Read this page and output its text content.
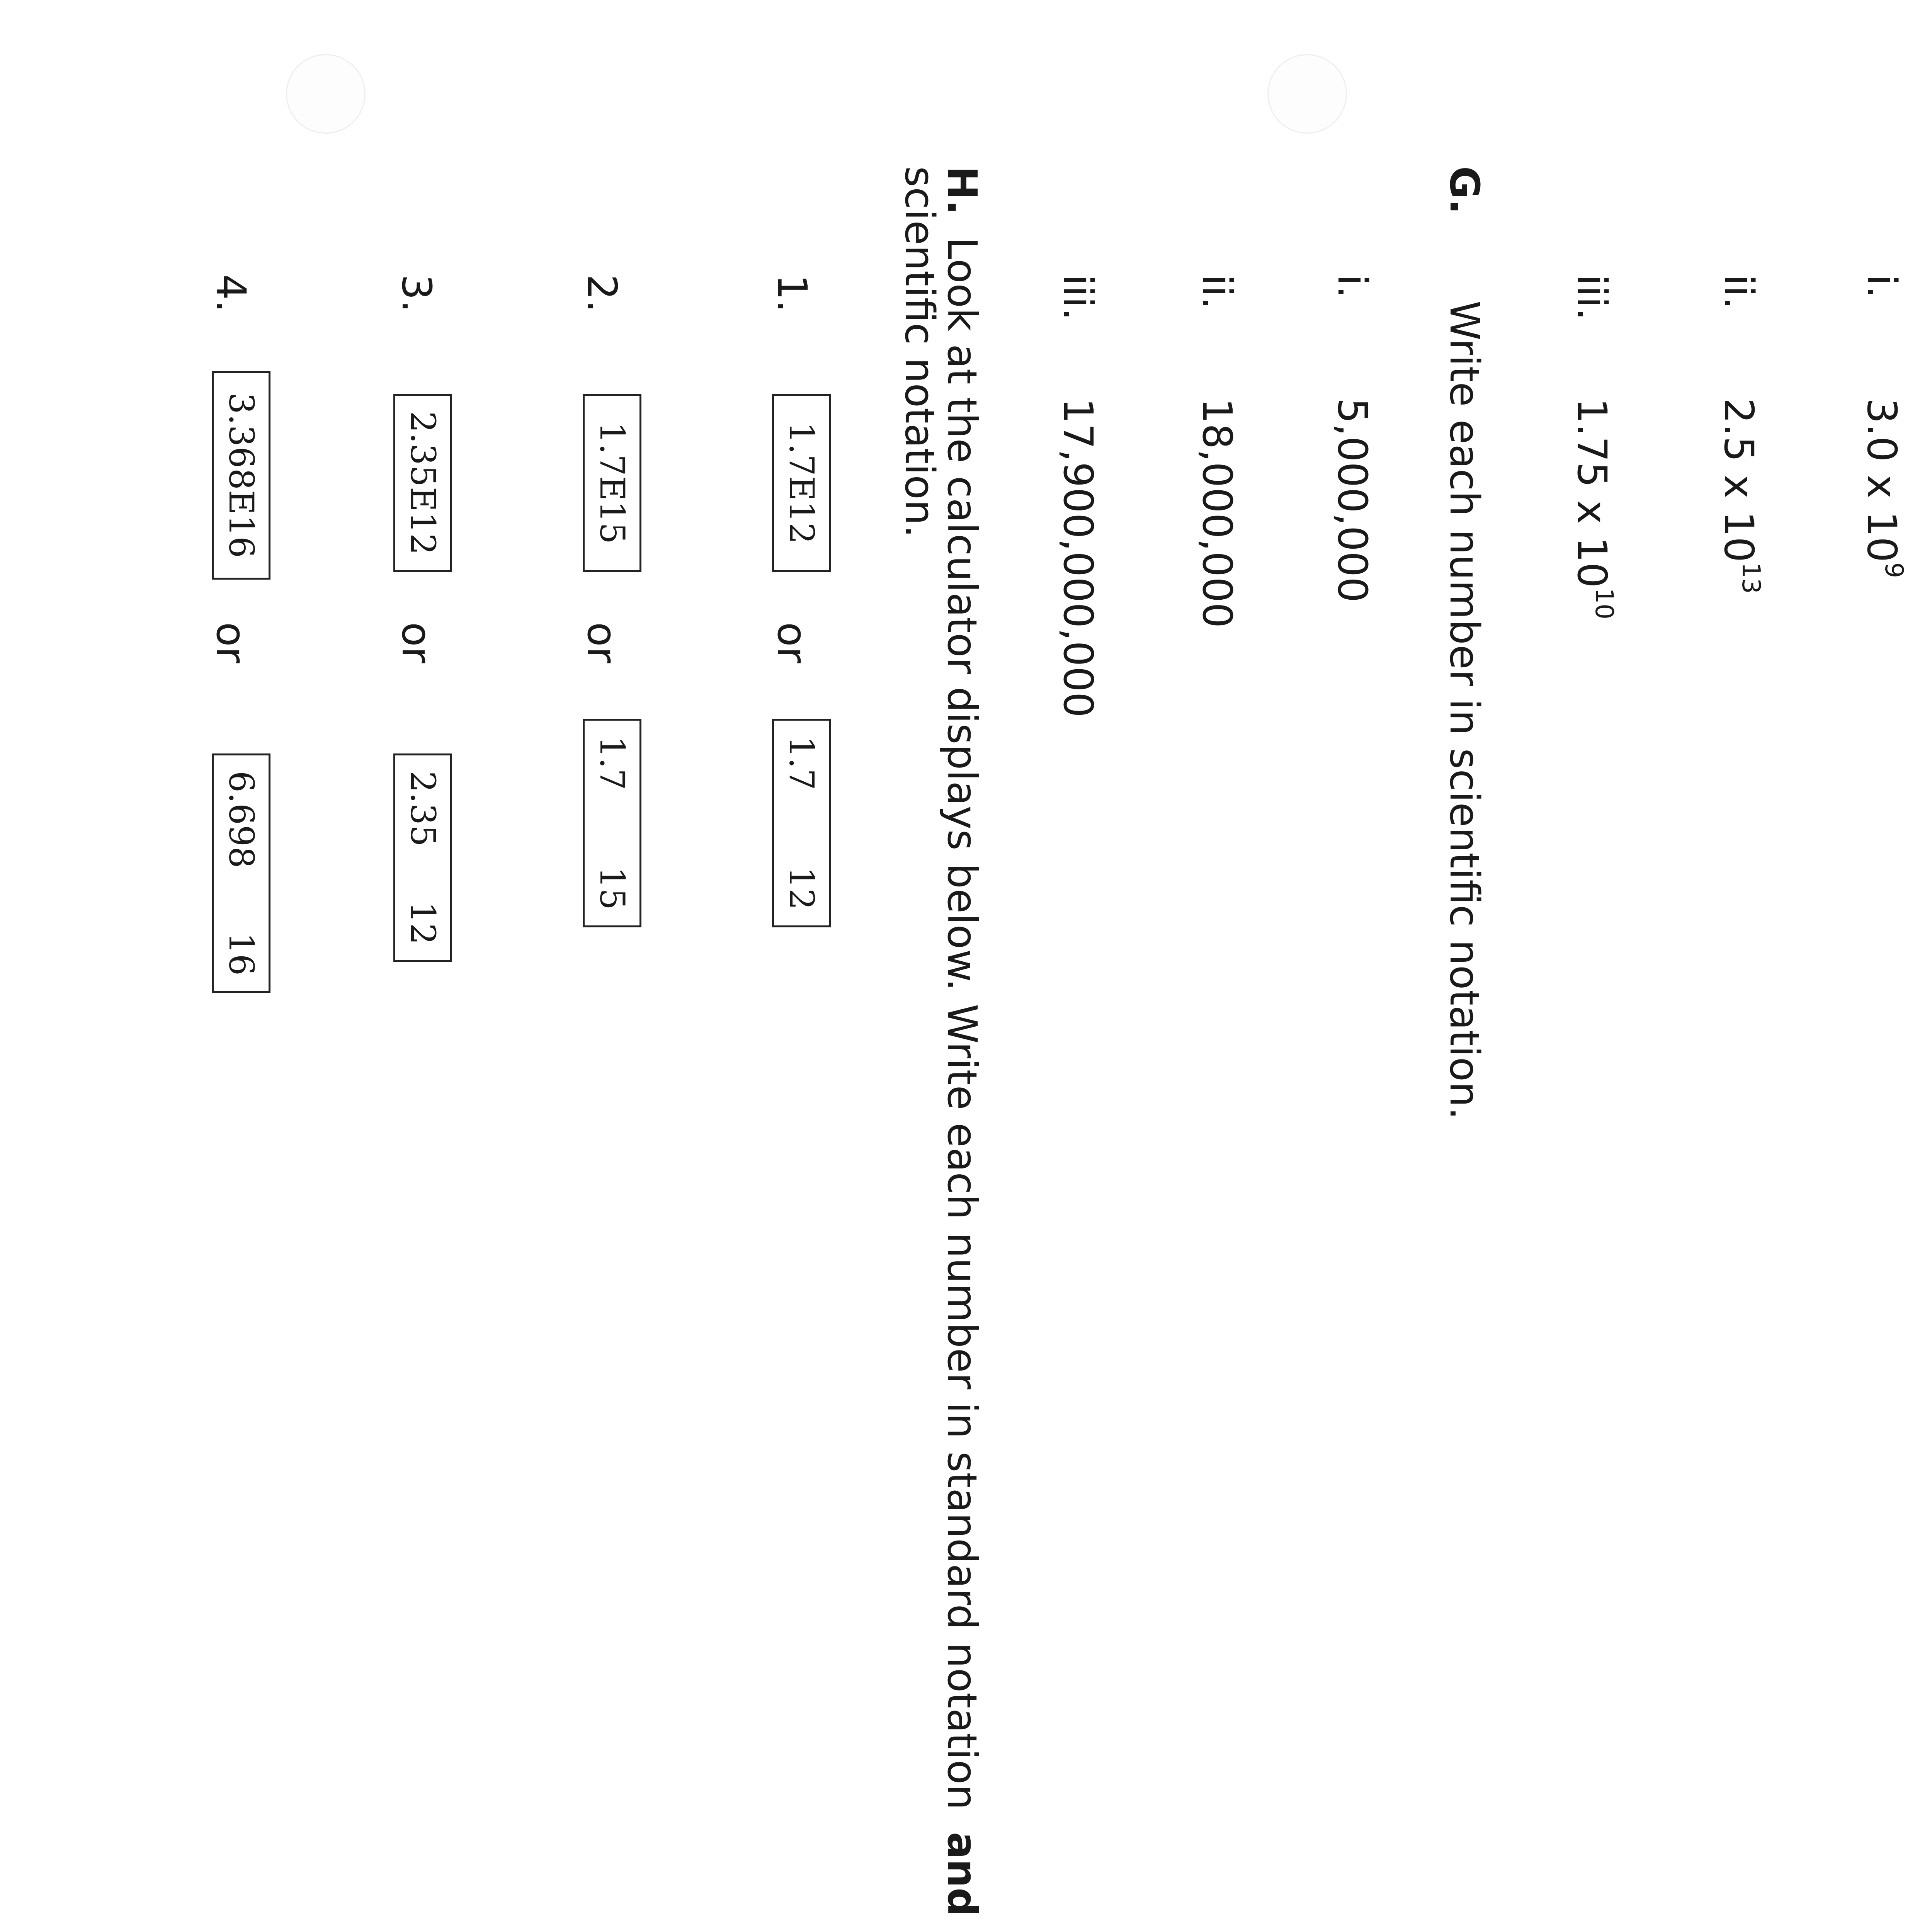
i.
3.0 x $10^9$
ii.
2.5 x $10^{13}$
iii.
1.75 x $10^{10}$
G. Write each number in scientific notation.
i.
5,000,000
ii.
18,000,000
iii.
17,900,000,000
H. Look at the calculator displays below. Write each number in standard notation and
scientific notation.
1.
1.7E12
or
1.7
12
2.
1.7E15
or
1.7
15
3.
2.35E12
or
2.35
12
4.
3.368E16
or
6.698
16
